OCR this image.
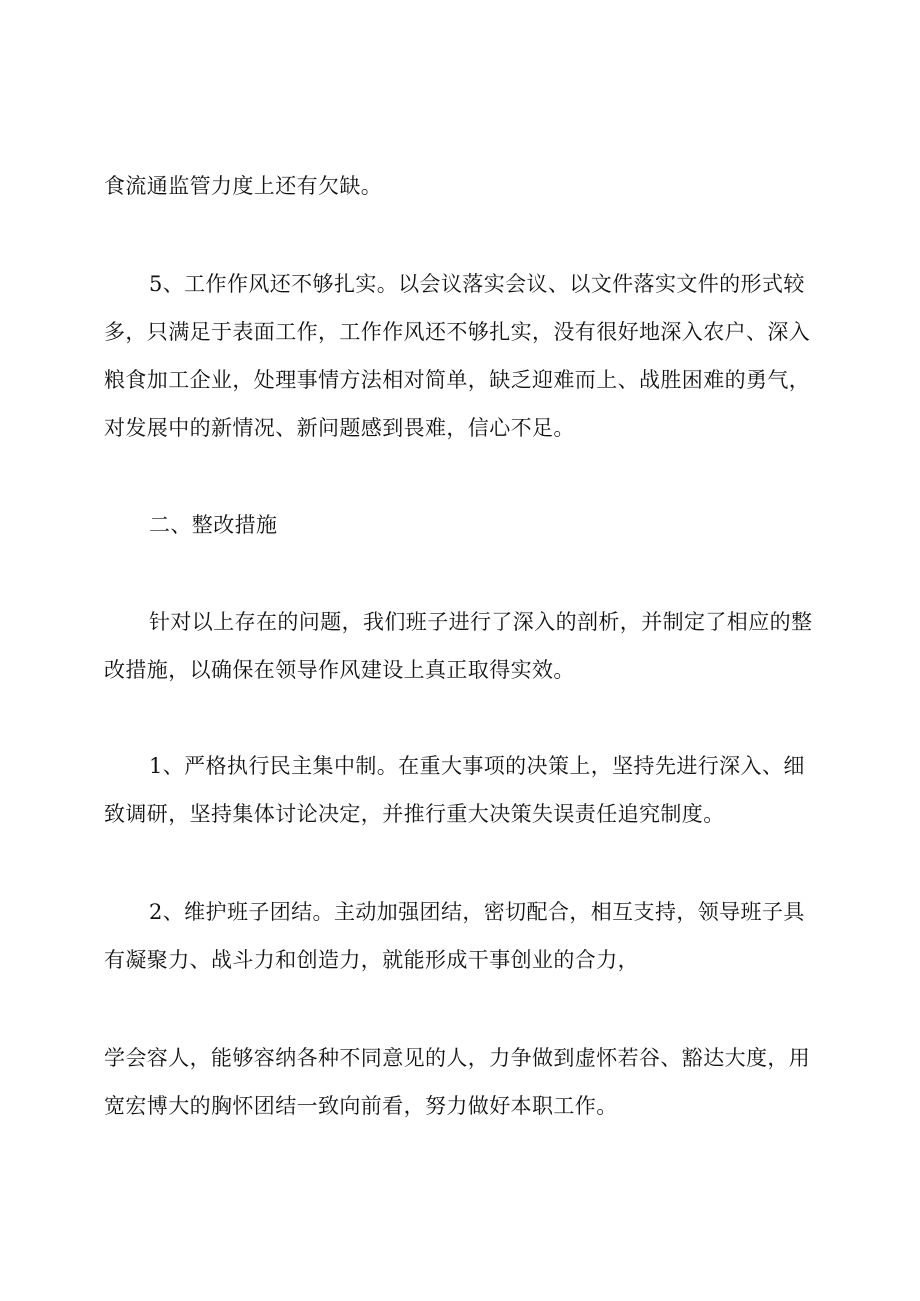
食流通监管力度上还有欠缺。

5、工作作风还不够扎实。以会议落实会议、以文件落实文件的形式较

多，只满足于表面工作，工作作风还不够扎实，没有很好地深入农户、深入

粮食加工企业，处理事情方法相对简单，缺乏迎难而上、战胜困难的勇气，

对发展中的新情况、新问题感到畏难，信心不足。

二、整改措施

针对以上存在的问题，我们班子进行了深入的剖析，并制定了相应的整

改措施，以确保在领导作风建设上真正取得实效。

1、严格执行民主集中制。在重大事项的决策上，坚持先进行深入、细

致调研，坚持集体讨论决定，并推行重大决策失误责任追究制度。

2、维护班子团结。主动加强团结，密切配合，相互支持，领导班子具

有凝聚力、战斗力和创造力，就能形成干事创业的合力，

学会容人，能够容纳各种不同意见的人，力争做到虚怀若谷、豁达大度，用

宽宏博大的胸怀团结一致向前看，努力做好本职工作。
